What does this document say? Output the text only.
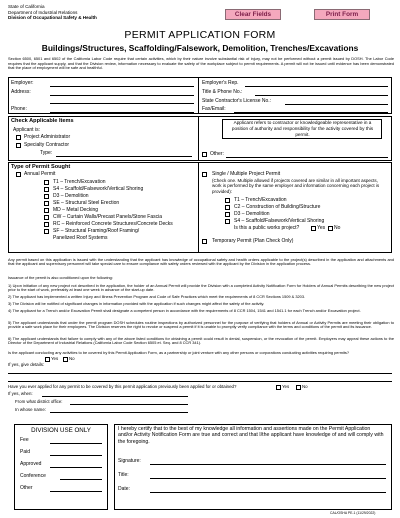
State of California
Department of Industrial Relations
Division of Occupational Safety & Health	Clear Fields	Print Form
PERMIT APPLICATION FORM
Buildings/Structures, Scaffolding/Falsework, Demolition, Trenches/Excavations
Section 6500, 6501 and 6502 of the California Labor Code require that certain activities, which by their nature involve substantial risk of injury, may not be performed without a permit issued by DOSH. The Labor Code requires that the applicant supply, and that the Division review, information necessary to evaluate the safety of the workplace subject to permit requirements. A permit will not be issued until evidence has been demonstrated that the place of employment will be safe and healthful.
Employer:
Address:
Phone:
Employer's Rep.
Title & Phone No.:
State Contractor's License No.:
Fax/Email:
Check Applicable Items
Applicant is:
Project Administrator
Specialty Contractor
Type:
Applicant refers to contractor or knowledgeable representative in a position of authority and responsibility for the activity covered by this permit.
Other:
Type of Permit Sought
Annual Permit
T1 – Trench/Excavation
S4 – Scaffold/Falsework/Vertical Shoring
D3 – Demolition
SE – Structural Steel Erection
MD – Metal Decking
CW – Curtain Walls/Precast Panels/Stone Fascia
RC – Reinforced Concrete Structures/Concrete Decks
SF – Structural Framing/Roof Framing/
Panelized Roof Systems
Single / Multiple Project Permit
(Check one. Multiple allowed if projects covered are similar in all important aspects, work is performed by the same employer and information concerning each project is provided):
T1 – Trench/Excavation
C2 – Construction of Building/Structure
D3 – Demolition
S4 – Scaffold/Falsework/Vertical Shoring
Is this a public works project?	Yes No
Temporary Permit (Plan Check Only)
Any permit based on this application is issued with the understanding that the applicant has knowledge of occupational safety and health orders applicable to the project(s) described in the application and attachments and that the applicant and supervisory personnel will take special care to ensure compliance with safety orders reviewed with the applicant by the Division in the application process.
Issuance of the permit is also conditioned upon the following:
1) Upon initiation of any new project not described in the application, the holder of an Annual Permit will provide the Division with a completed Activity Notification Form for Holders of Annual Permits describing the new project prior to the start of work, preferably at least one week in advance of the start-up date.
2) The applicant has implemented a written Injury and Illness Prevention Program and Code of Safe Practices which meet the requirements of 8 CCR Sections 1509 & 3203.
3) The Division will be notified of significant changes in information provided with the application if such changes might affect the safety of the activity.
4) The applicant for a Trench and/or Excavation Permit shall designate a competent person in accordance with the requirements of 8 CCR 1504, 1541 and 1541.1 for each Trench and/or Excavation project.
5) The applicant understands that under the permit program DOSH schedules routine inspections by authorized personnel for the purpose of verifying that holders of Annual or Activity Permits are meeting their obligation to provide a safe work place for their employees. The Division reserves the right to revoke or suspend a permit if it is unable to promptly verify compliance with the terms and conditions of the permit and its issuance.
6) The applicant understands that failure to comply with any of the above listed conditions for obtaining a permit could result in denial, suspension, or the revocation of the permit. Employers may appeal these actions to the Director of the Department of Industrial Relations (California Labor Code Section 6505 et. Seq. and 8 CCR 341).
Is the applicant conducting any activities to be covered by this Permit Application Form, as a partnership or joint venture with any other persons or corporations conducting activities requiring permits?
Yes No
If yes, give details:
Have you ever applied for any permit to be covered by this permit application previously been applied for or obtained?	Yes	No
If yes, when:
From what district office:
In whose name:
DIVISION USE ONLY
Fee
Paid
Approved
Conference
Other
I hereby certify that to the best of my knowledge all information and assertions made on the Permit Application and/or Activity Notification Form are true and correct and that I/the applicant have knowledge of and will comply with the foregoing.
Signature:
Title:
Date:
CAL/OSHA PE-1 (11/29/2022)
